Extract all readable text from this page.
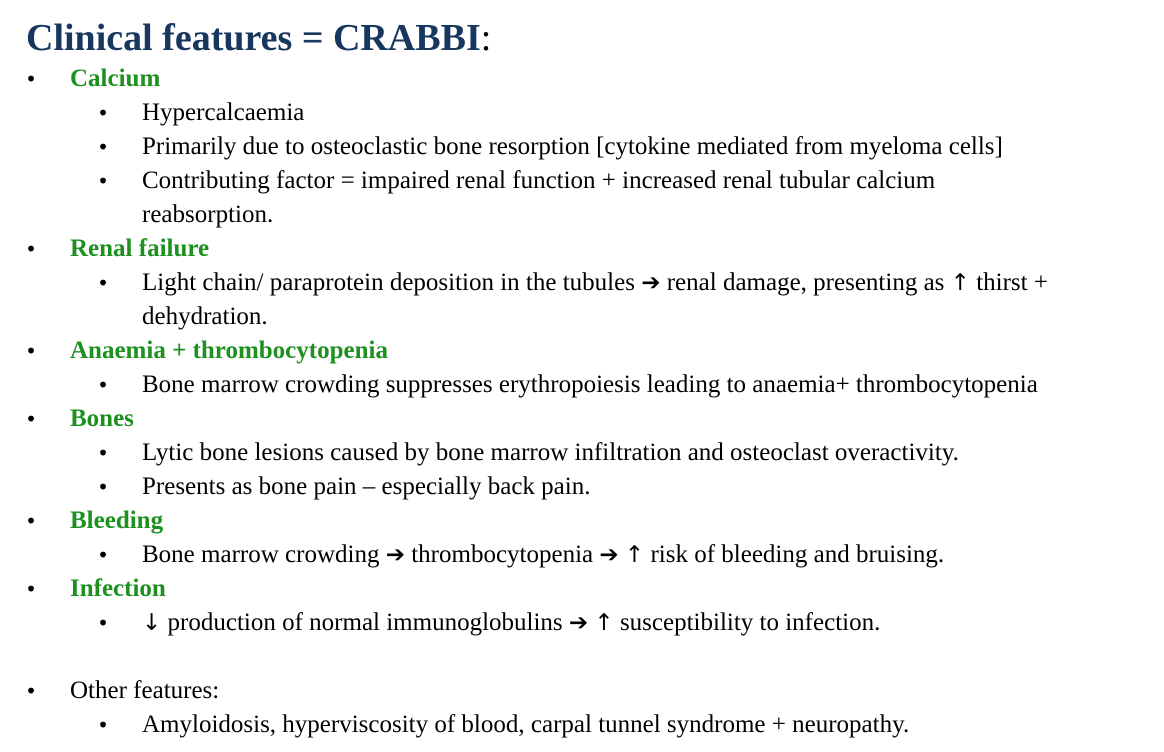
Clinical features = CRABBI:
• Calcium
• Hypercalcaemia
• Primarily due to osteoclastic bone resorption [cytokine mediated from myeloma cells]
• Contributing factor = impaired renal function + increased renal tubular calcium reabsorption.
• Renal failure
• Light chain/ paraprotein deposition in the tubules ➔ renal damage, presenting as ↑ thirst + dehydration.
• Anaemia + thrombocytopenia
• Bone marrow crowding suppresses erythropoiesis leading to anaemia+ thrombocytopenia
• Bones
• Lytic bone lesions caused by bone marrow infiltration and osteoclast overactivity.
• Presents as bone pain – especially back pain.
• Bleeding
• Bone marrow crowding ➔ thrombocytopenia ➔ ↑ risk of bleeding and bruising.
• Infection
• ↓ production of normal immunoglobulins ➔ ↑ susceptibility to infection.
• Other features:
• Amyloidosis, hyperviscosity of blood, carpal tunnel syndrome + neuropathy.
